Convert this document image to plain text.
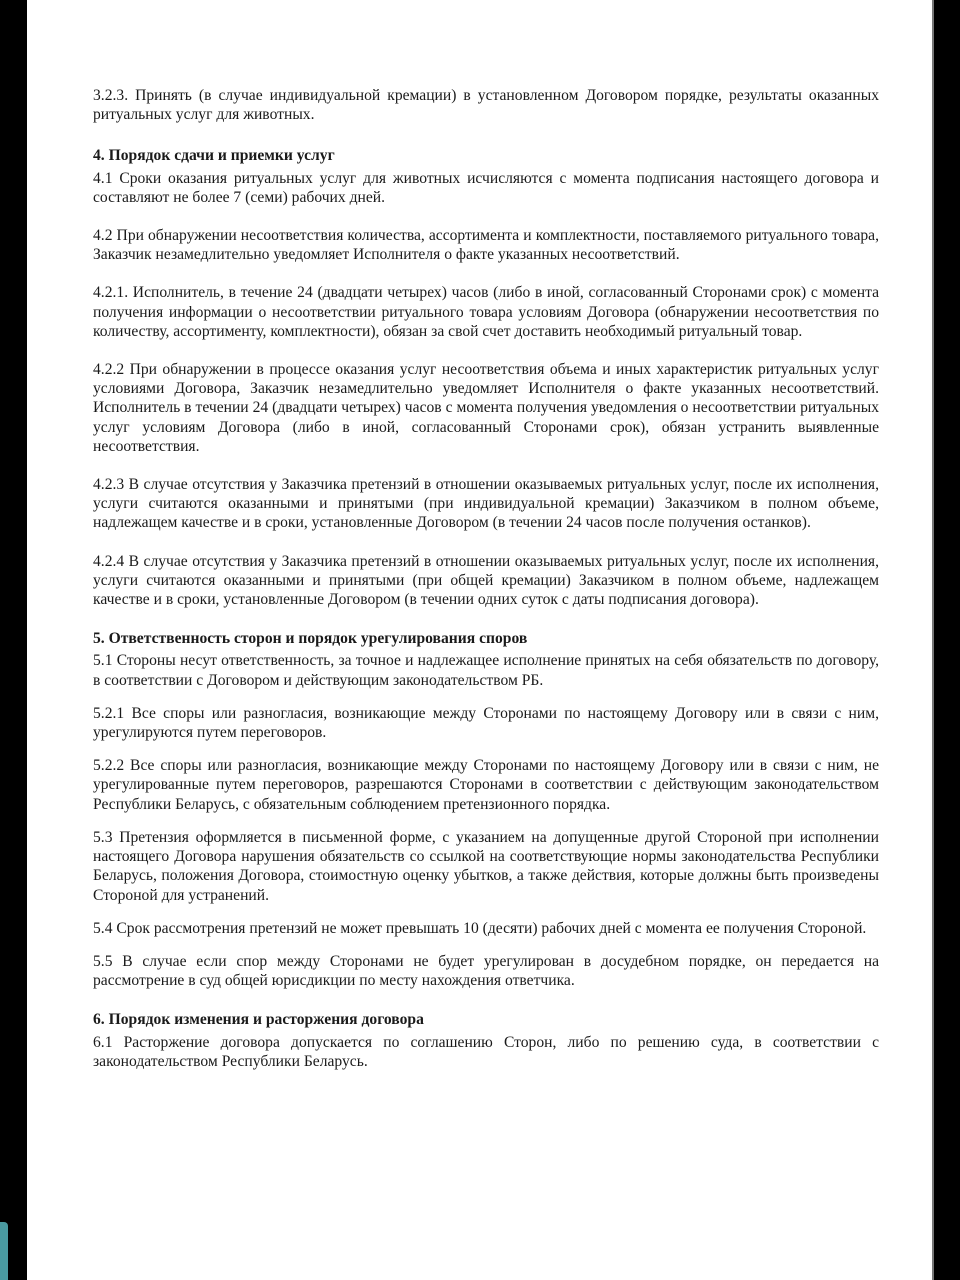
3.2.3. Принять (в случае индивидуальной кремации) в установленном Договором порядке, результаты оказанных ритуальных услуг для животных.

4. Порядок сдачи и приемки услуг

4.1 Сроки оказания ритуальных услуг для животных исчисляются с момента подписания настоящего договора и составляют не более 7 (семи) рабочих дней.

4.2 При обнаружении несоответствия количества, ассортимента и комплектности, поставляемого ритуального товара, Заказчик незамедлительно уведомляет Исполнителя о факте указанных несоответствий.

4.2.1. Исполнитель, в течение 24 (двадцати четырех) часов (либо в иной, согласованный Сторонами срок) с момента получения информации о несоответствии ритуального товара условиям Договора (обнаружении несоответствия по количеству, ассортименту, комплектности), обязан за свой счет доставить необходимый ритуальный товар.

4.2.2 При обнаружении в процессе оказания услуг несоответствия объема и иных характеристик ритуальных услуг условиями Договора, Заказчик незамедлительно уведомляет Исполнителя о факте указанных несоответствий. Исполнитель в течении 24 (двадцати четырех) часов с момента получения уведомления о несоответствии ритуальных услуг условиям Договора (либо в иной, согласованный Сторонами срок), обязан устранить выявленные несоответствия.

4.2.3 В случае отсутствия у Заказчика претензий в отношении оказываемых ритуальных услуг, после их исполнения, услуги считаются оказанными и принятыми (при индивидуальной кремации) Заказчиком в полном объеме, надлежащем качестве и в сроки, установленные Договором (в течении 24 часов после получения останков).

4.2.4 В случае отсутствия у Заказчика претензий в отношении оказываемых ритуальных услуг, после их исполнения, услуги считаются оказанными и принятыми (при общей кремации) Заказчиком в полном объеме, надлежащем качестве и в сроки, установленные Договором (в течении одних суток с даты подписания договора).

5. Ответственность сторон и порядок урегулирования споров

5.1 Стороны несут ответственность, за точное и надлежащее исполнение принятых на себя обязательств по договору, в соответствии с Договором и действующим законодательством РБ.

5.2.1 Все споры или разногласия, возникающие между Сторонами по настоящему Договору или в связи с ним, урегулируются путем переговоров.

5.2.2 Все споры или разногласия, возникающие между Сторонами по настоящему Договору или в связи с ним, не урегулированные путем переговоров, разрешаются Сторонами в соответствии с действующим законодательством Республики Беларусь, с обязательным соблюдением претензионного порядка.

5.3 Претензия оформляется в письменной форме, с указанием на допущенные другой Стороной при исполнении настоящего Договора нарушения обязательств со ссылкой на соответствующие нормы законодательства Республики Беларусь, положения Договора, стоимостную оценку убытков, а также действия, которые должны быть произведены Стороной для устранений.

5.4 Срок рассмотрения претензий не может превышать 10 (десяти) рабочих дней с момента ее получения Стороной.

5.5 В случае если спор между Сторонами не будет урегулирован в досудебном порядке, он передается на рассмотрение в суд общей юрисдикции по месту нахождения ответчика.

6. Порядок изменения и расторжения договора

6.1 Расторжение договора допускается по соглашению Сторон, либо по решению суда, в соответствии с законодательством Республики Беларусь.
